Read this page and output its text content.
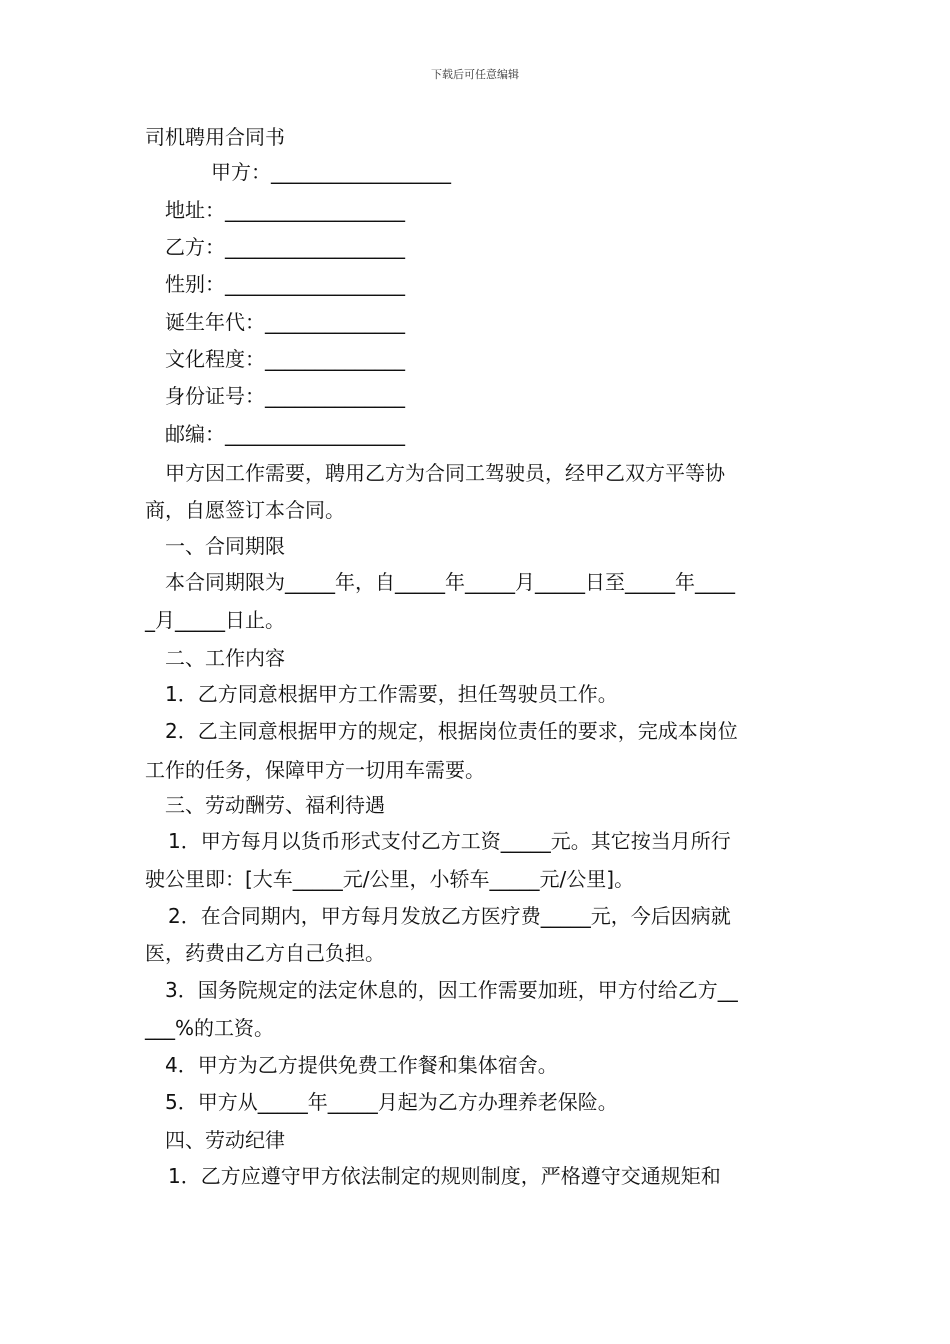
下载后可任意编辑
司机聘用合同书
甲方：__________________
地址：__________________
乙方：__________________
性别：__________________
诞生年代：______________
文化程度：______________
身份证号：______________
邮编：__________________
甲方因工作需要，聘用乙方为合同工驾驶员，经甲乙双方平等协
商，自愿签订本合同。
一、合同期限
本合同期限为_____年，自_____年_____月_____日至_____年____
_月_____日止。
二、工作内容
1．乙方同意根据甲方工作需要，担任驾驶员工作。
2．乙主同意根据甲方的规定，根据岗位责任的要求，完成本岗位
工作的任务，保障甲方一切用车需要。
三、劳动酬劳、福利待遇
1．甲方每月以货币形式支付乙方工资_____元。其它按当月所行
驶公里即：[大车_____元/公里，小轿车_____元/公里]。
2．在合同期内，甲方每月发放乙方医疗费_____元，今后因病就
医，药费由乙方自己负担。
3．国务院规定的法定休息的，因工作需要加班，甲方付给乙方__
___%的工资。
4．甲方为乙方提供免费工作餐和集体宿舍。
5．甲方从_____年_____月起为乙方办理养老保险。
四、劳动纪律
1．乙方应遵守甲方依法制定的规则制度，严格遵守交通规矩和
